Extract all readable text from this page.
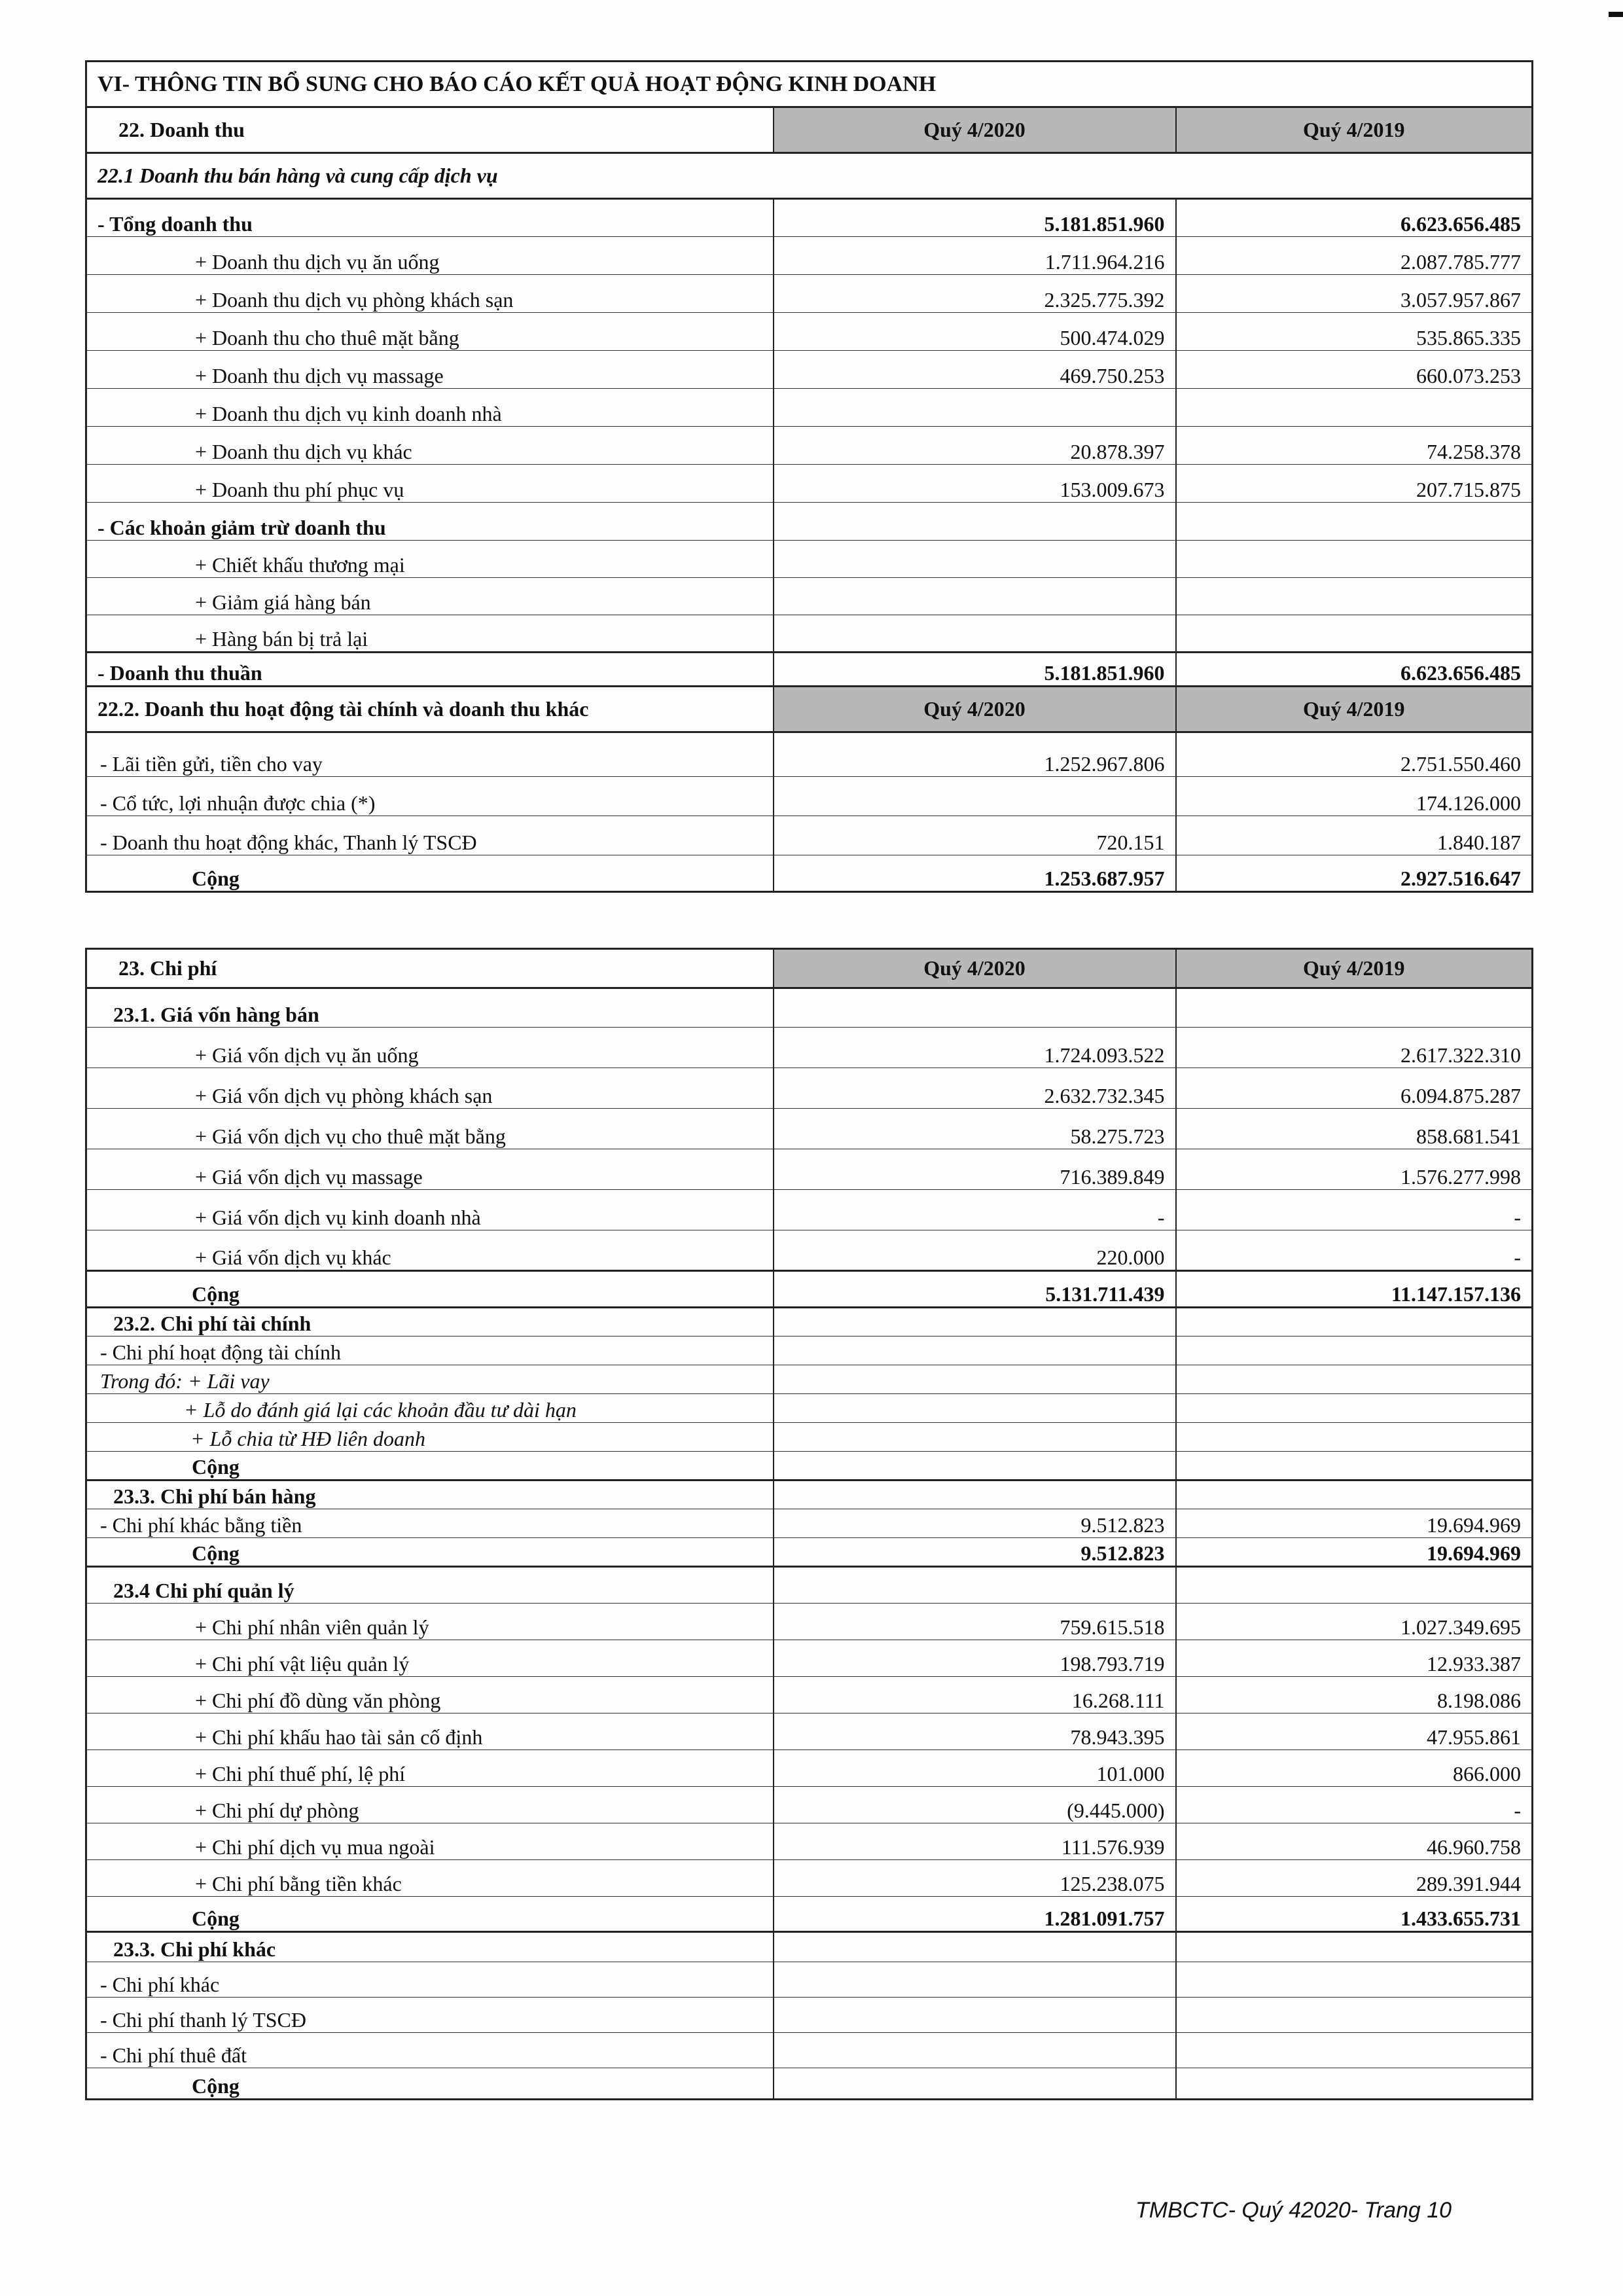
VI- THÔNG TIN BỔ SUNG CHO BÁO CÁO KẾT QUẢ HOẠT ĐỘNG KINH DOANH		
22. Doanh thu	Quý 4/2020	Quý 4/2019
22.1 Doanh thu bán hàng và cung cấp dịch vụ		
- Tổng doanh thu	5.181.851.960	6.623.656.485
+ Doanh thu dịch vụ ăn uống	1.711.964.216	2.087.785.777
+ Doanh thu dịch vụ phòng khách sạn	2.325.775.392	3.057.957.867
+ Doanh thu cho thuê mặt bằng	500.474.029	535.865.335
+ Doanh thu dịch vụ massage	469.750.253	660.073.253
+ Doanh thu dịch vụ kinh doanh nhà		
+ Doanh thu dịch vụ khác	20.878.397	74.258.378
+ Doanh thu phí phục vụ	153.009.673	207.715.875
- Các khoản giảm trừ doanh thu		
+ Chiết khấu thương mại		
+ Giảm giá hàng bán		
+ Hàng bán bị trả lại		
- Doanh thu thuần	5.181.851.960	6.623.656.485
22.2. Doanh thu hoạt động tài chính và doanh thu khác	Quý 4/2020	Quý 4/2019
- Lãi tiền gửi, tiền cho vay	1.252.967.806	2.751.550.460
- Cổ tức, lợi nhuận được chia (*)		174.126.000
- Doanh thu hoạt động khác, Thanh lý TSCĐ	720.151	1.840.187
Cộng	1.253.687.957	2.927.516.647
23. Chi phí	Quý 4/2020	Quý 4/2019
23.1. Giá vốn hàng bán		
+ Giá vốn dịch vụ ăn uống	1.724.093.522	2.617.322.310
+ Giá vốn dịch vụ phòng khách sạn	2.632.732.345	6.094.875.287
+ Giá vốn dịch vụ cho thuê mặt bằng	58.275.723	858.681.541
+ Giá vốn dịch vụ massage	716.389.849	1.576.277.998
+ Giá vốn dịch vụ kinh doanh nhà	-	-
+ Giá vốn dịch vụ khác	220.000	-
Cộng	5.131.711.439	11.147.157.136
23.2. Chi phí tài chính		
- Chi phí hoạt động tài chính		
Trong đó: + Lãi vay		
+ Lỗ do đánh giá lại các khoản đầu tư dài hạn		
+ Lỗ chia từ HĐ liên doanh		
Cộng		
23.3. Chi phí bán hàng		
- Chi phí khác bằng tiền	9.512.823	19.694.969
Cộng	9.512.823	19.694.969
23.4 Chi phí quản lý		
+ Chi phí nhân viên quản lý	759.615.518	1.027.349.695
+ Chi phí vật liệu quản lý	198.793.719	12.933.387
+ Chi phí đồ dùng văn phòng	16.268.111	8.198.086
+ Chi phí khấu hao tài sản cố định	78.943.395	47.955.861
+ Chi phí thuế phí, lệ phí	101.000	866.000
+ Chi phí dự phòng	(9.445.000)	-
+ Chi phí dịch vụ mua ngoài	111.576.939	46.960.758
+ Chi phí bằng tiền khác	125.238.075	289.391.944
Cộng	1.281.091.757	1.433.655.731
23.3. Chi phí khác		
- Chi phí khác		
- Chi phí thanh lý TSCĐ		
- Chi phí thuê đất		
Cộng		
TMBCTC- Quý 42020- Trang 10
